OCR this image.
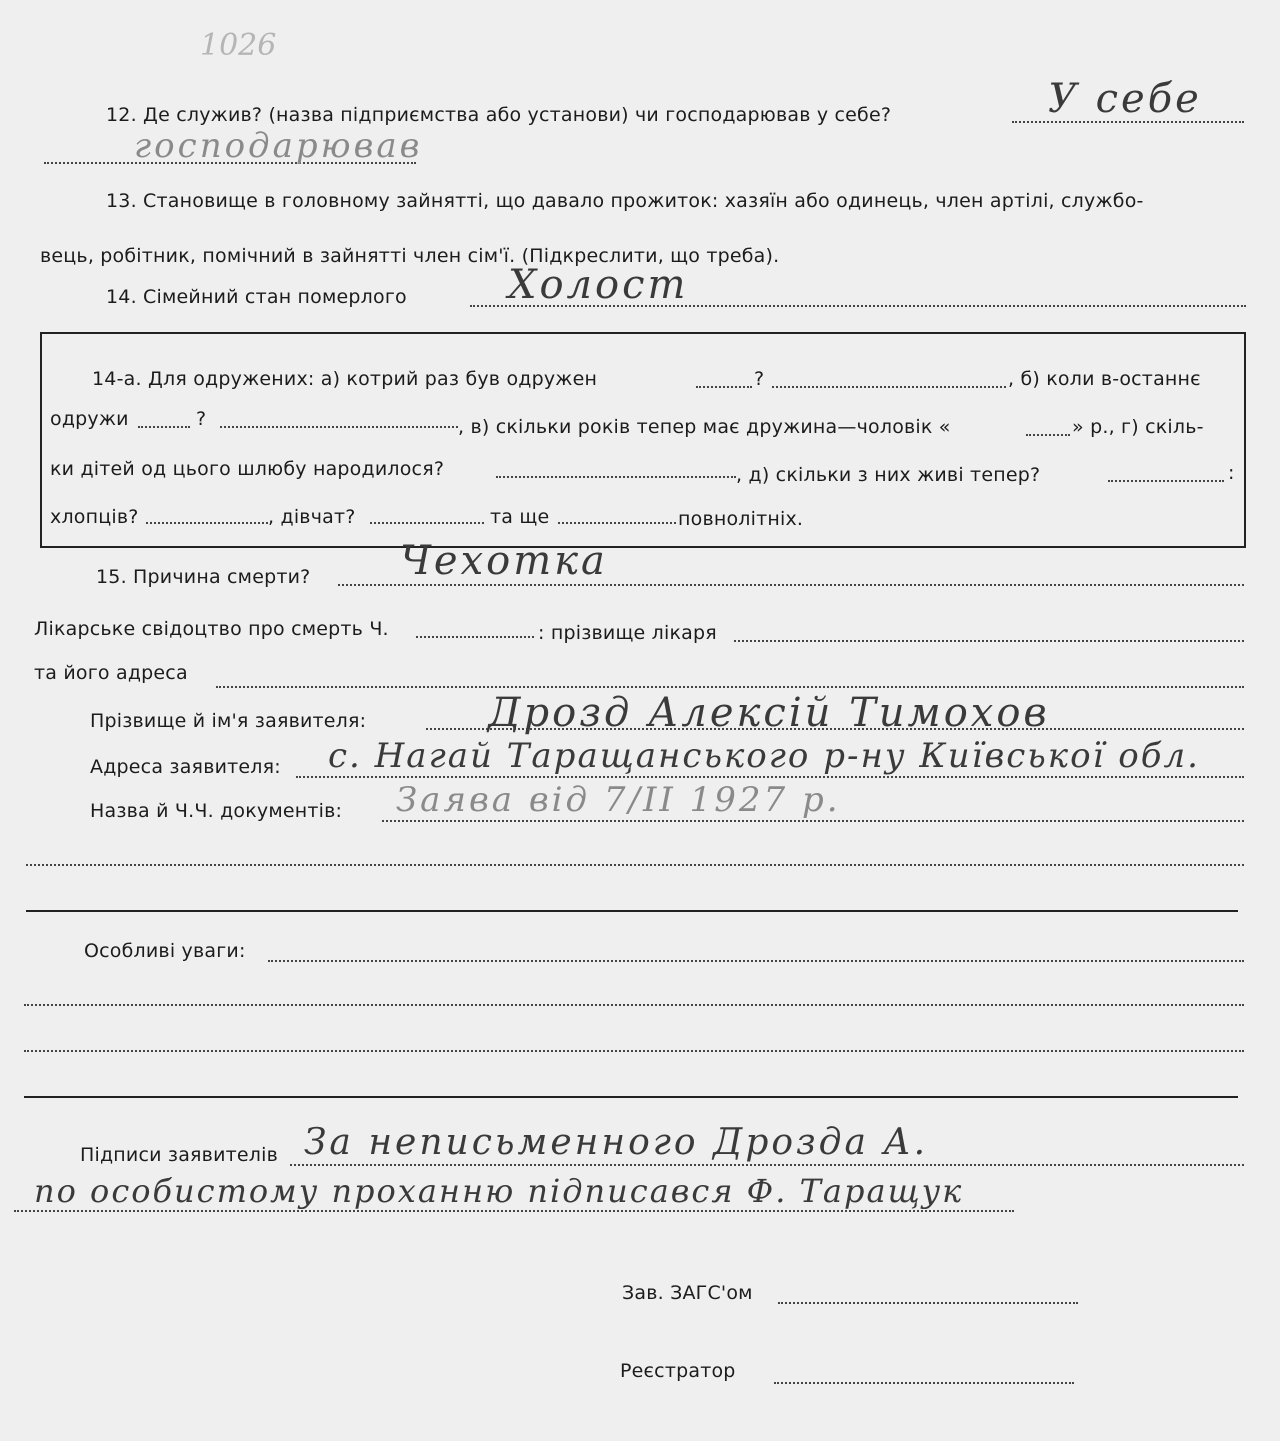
1026
12. Де служив? (назва підприємства або установи) чи господарював у себе?	У себе
господарював
13. Становище в головному зайнятті, що давало прожиток: хазяїн або одинець, член артілі, службо-
вець, робітник, помічний в зайнятті член сім'ї. (Підкреслити, що треба).
14. Сімейний стан померлого	Холост
14-а. Для одружених: а) котрий раз був одружен	?	, б) коли в-останнє
одружи	?	, в) скільки років тепер має дружина—чоловік «	» р., г) скіль-
ки дітей од цього шлюбу народилося?	, д) скільки з них живі тепер?	:
хлопців?	, дівчат?	та ще	повнолітніх.
15. Причина смерти? Чехотка
Лікарське свідоцтво про смерть Ч.	: прізвище лікаря
та його адреса
Прізвище й ім'я заявителя:	Дрозд Алексій Тимохов
Адреса заявителя: с. Нагай Таращанського р-ну Київської обл.
Назва й Ч.Ч. документів: Заява від 7/II 1927 р.
Особливі уваги:
Підписи заявителів За неписьменного Дрозда А.
по особистому проханню підписався Ф. Таращук
Зав. ЗАГС'ом
Реєстратор
